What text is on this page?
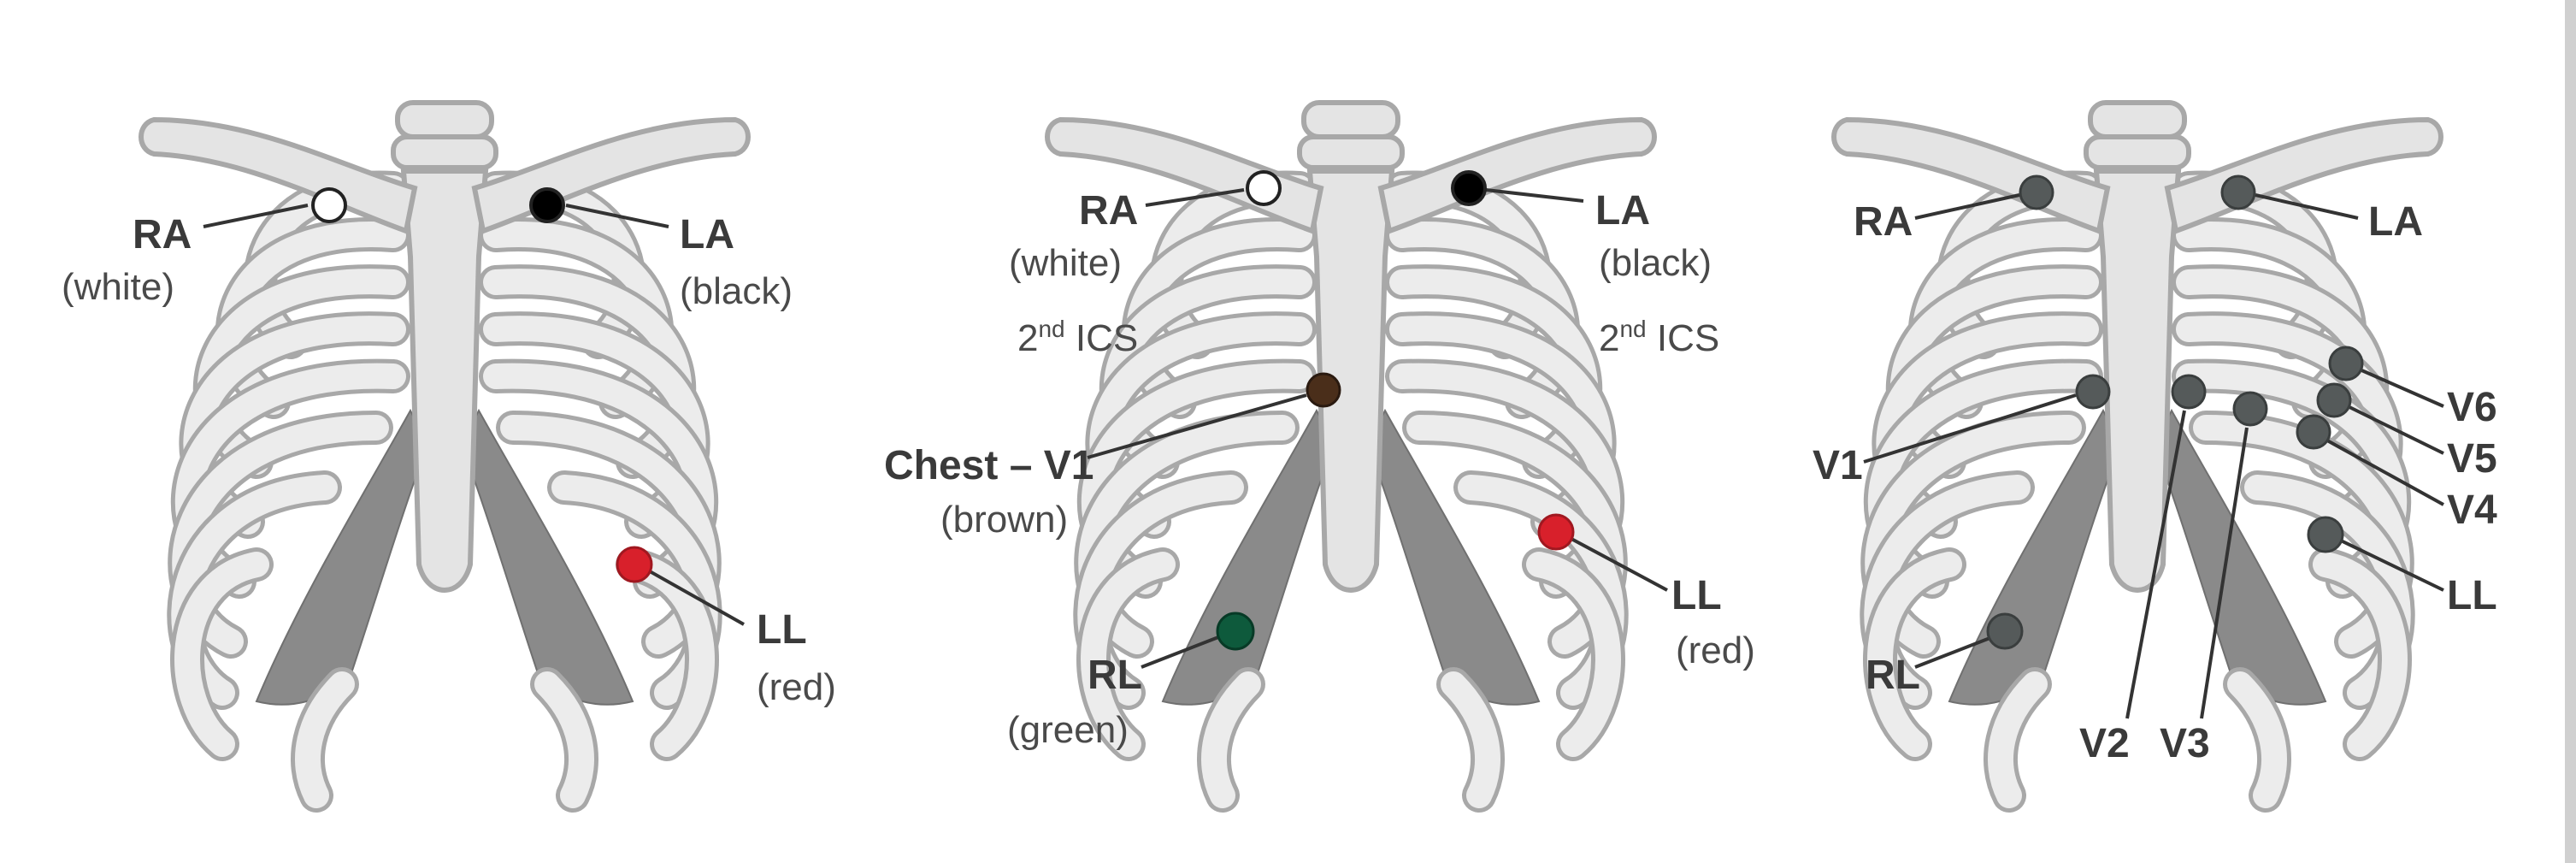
RA
(white)
LA
(black)
LL
(red)
RA
(white)
2nd ICS
LA
(black)
2nd ICS
Chest – V1
(brown)
LL
(red)
RL
(green)
RA	LA
V1
V2 V3
V4
V5
V6
LL
RL
